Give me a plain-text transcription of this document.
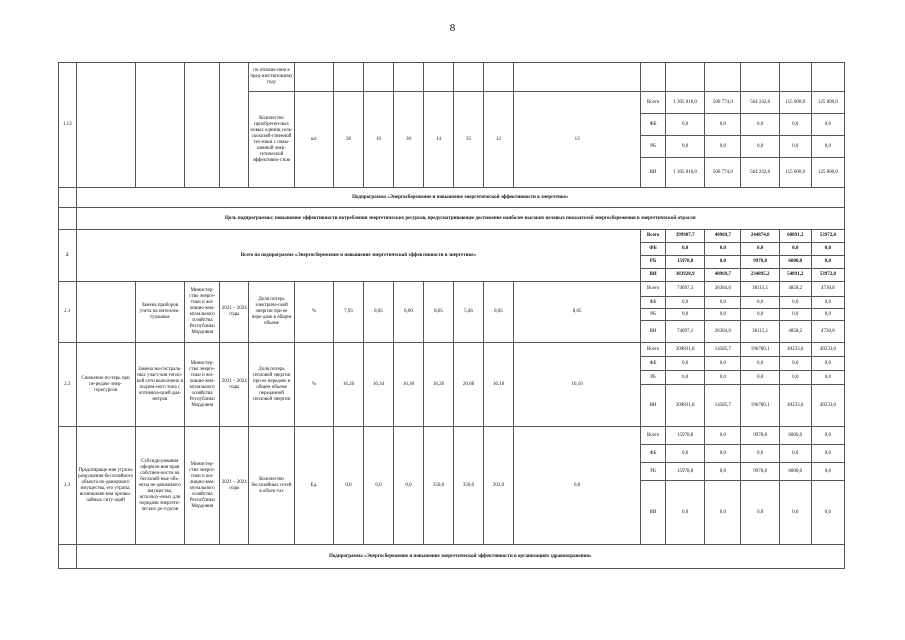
8
1.13					по отноше-нию к пред-шествующему году														
					Количество приобретен-ных новых единиц сель-скохозяй-ственной тех-ники с повы-шенной энер-гетической эффективно-стью	шт	28	10	30	14	35	12	13	Всего	1 305 016,0	500 774,0	564 242,0	115 000,0	125 000,0
														ФБ	0,0	0,0	0,0	0,0	0,0
														РБ	0,0	0,0	0,0	0,0	0,0
														ВИ	1 305 016,0	500 774,0	564 242,0	115 000,0	125 000,0
	Подпрограмма «Энергосбережение и повышение энергетической эффективности в энергетике»																		
	Цель подпрограммы: повышение эффективности потребления энергетических ресурсов, предусматривающее достижение наиболее высоких целевых показателей энергосбережения в энергетической отрасли																		
2	Всего по подпрограмме «Энергосбережение и повышение энергетической эффективности в энергетике»													Всего	399907,7	40969,7	244874,0	60891,2	53972,8
														ФБ	0,0	0,0	0,0	0,0	0,0
														РБ	15978,8	0,0	9978,8	6000,0	0,0
														ВИ	383928,9	40969,7	234895,2	54891,2	53972,8
2.1		Замена приборов учета на интеллек-туальные	Министер-ство энерге-тики и жи-лищно-ком-мунального хозяйства Республики Мордовия	2021 – 2024 годы	Доля потерь электриче-ской энергии при ее пере-даче в общем объеме	%	7,95	8,05	8,00	8,05	5,46	8,05	8,05	Всего	74097,3	26384,0	38115,1	4858,2	4730,8
														ФБ	0,0	0,0	0,0	0,0	0,0
														РБ	0,0	0,0	0,0	0,0	0,0
														ВИ	74097,1	26384,0	38115,1	4858,2	4730,8
2.2	Снижение по-терь при пе-редаче энер-горесурсов	Замена ма-гистраль-ных участ-ков тепло-вой сети выполнено в подзем-ного типа с оптимиза-цией диа-метров	Министер-ство энерге-тики и жи-лищно-ком-мунального хозяйства Республики Мордовия	2021 – 2024 годы	Доля потерь тепловой энергии при ее передаче в общем объеме переданной тепловой энергии	%	16,26	16,34	16,30	16,26	20,68	16,18	16,10	Всего	309831,8	14585,7	196780,1	49233,0	49233,0
														ФБ	0,0	0,0	0,0	0,0	0,0
														РБ	0,0	0,0	0,0	0,0	0,0
														ВИ	309831,8	14585,7	196780,1	49233,0	49233,0
2.3	Предотвраще-ния угрозы разрушения бесхозяйного объекта не-движимого имущества, его утраты, возникнове-ния чрезвы-чайных ситу-аций	Субсиди-рования оформле-ния прав собствен-ности на бесхозяй-ные объ-екты не-движимого имущества, использу-емых для передачи энергети-ческих ре-сурсов	Министер-ство энерге-тики и жи-лищно-ком-мунального хозяйства Республики Мордовия	2021 – 2024 годы	Количество бесхозяйных сетей в объек-тах	Ед.	0,0	0,0	0,0	350,0	350,0	202,0	0,0	Всего	15978,8	0,0	9978,8	6000,0	0,0
														ФБ	0,0	0,0	0,0	0,0	0,0
														РБ	15978,8	0,0	9978,8	6000,0	0,0
														ВИ	0,0	0,0	0,0	0,0	0,0
	Подпрограмма «Энергосбережение и повышение энергетической эффективности в организациях здравоохранения»																		
